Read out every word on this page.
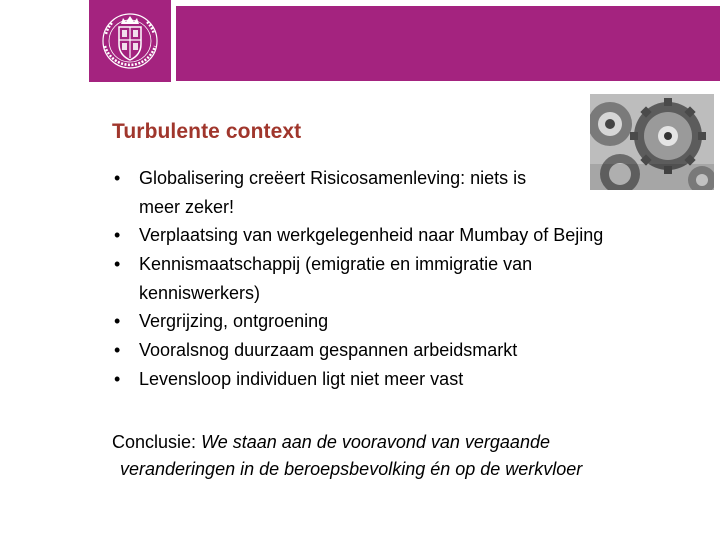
Turbulente context
• Globalisering creëert Risicosamenleving: niets is
meer zeker!
• Verplaatsing van werkgelegenheid naar Mumbay of Bejing
• Kennismaatschappij (emigratie en immigratie van
kenniswerkers)
• Vergrijzing, ontgroening
• Vooralsnog duurzaam gespannen arbeidsmarkt
• Levensloop individuen ligt niet meer vast
Conclusie: We staan aan de vooravond van vergaande
veranderingen in de beroepsbevolking én op de werkvloer
